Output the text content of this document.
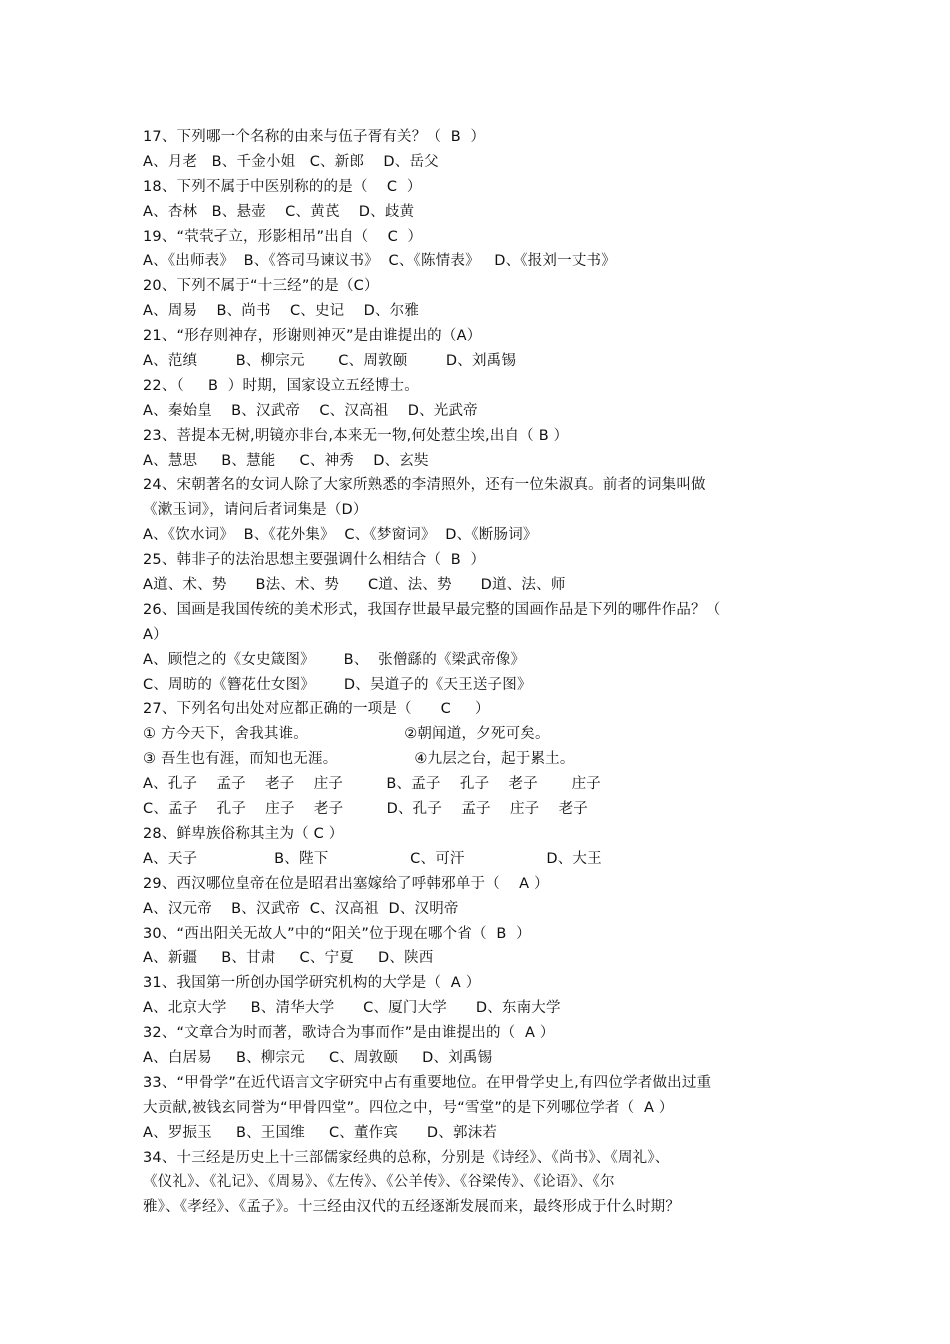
17、下列哪一个名称的由来与伍子胥有关？（  B  ）
A、月老   B、千金小姐   C、新郎    D、岳父
18、下列不属于中医别称的的是（    C  ）
A、杏林   B、悬壶    C、黄芪    D、歧黄
19、“茕茕孑立，形影相吊”出自（    C  ）
A、《出师表》  B、《答司马谏议书》  C、《陈情表》   D、《报刘一丈书》
20、下列不属于“十三经”的是（C）
A、周易    B、尚书    C、史记    D、尔雅
21、“形存则神存，形谢则神灭”是由谁提出的（A）
A、范缜        B、柳宗元       C、周敦颐        D、刘禹锡
22、（     B  ）时期，国家设立五经博士。
A、秦始皇    B、汉武帝    C、汉高祖    D、光武帝
23、菩提本无树,明镜亦非台,本来无一物,何处惹尘埃,出自（ B ）
A、慧思     B、慧能     C、神秀    D、玄奘
24、宋朝著名的女词人除了大家所熟悉的李清照外，还有一位朱淑真。前者的词集叫做
《漱玉词》，请问后者词集是（D）
A、《饮水词》  B、《花外集》  C、《梦窗词》  D、《断肠词》
25、韩非子的法治思想主要强调什么相结合（  B  ）
A道、术、势      B法、术、势      C道、法、势      D道、法、师
26、国画是我国传统的美术形式，我国存世最早最完整的国画作品是下列的哪件作品？（
A）
A、顾恺之的《女史箴图》      B、  张僧繇的《梁武帝像》
C、周昉的《簪花仕女图》      D、吴道子的《天王送子图》
27、下列名句出处对应都正确的一项是（      C     ）
① 方今天下，舍我其谁。                    ②朝闻道，夕死可矣。
③ 吾生也有涯，而知也无涯。                ④九层之台，起于累土。
A、孔子    孟子    老子    庄子         B、孟子    孔子    老子       庄子
C、孟子    孔子    庄子    老子         D、孔子    孟子    庄子    老子
28、鲜卑族俗称其主为（ C ）
A、天子                B、陛下                 C、可汗                 D、大王
29、西汉哪位皇帝在位是昭君出塞嫁给了呼韩邪单于（    A ）
A、汉元帝    B、汉武帝  C、汉高祖  D、汉明帝
30、“西出阳关无故人”中的“阳关”位于现在哪个省（  B  ）
A、新疆     B、甘肃     C、宁夏     D、陕西
31、我国第一所创办国学研究机构的大学是（  A ）
A、北京大学     B、清华大学      C、厦门大学      D、东南大学
32、“文章合为时而著，歌诗合为事而作”是由谁提出的（  A ）
A、白居易     B、柳宗元     C、周敦颐     D、刘禹锡
33、“甲骨学”在近代语言文字研究中占有重要地位。在甲骨学史上,有四位学者做出过重
大贡献,被钱玄同誉为“甲骨四堂”。四位之中，号“雪堂”的是下列哪位学者（  A ）
A、罗振玉     B、王国维     C、董作宾      D、郭沫若
34、十三经是历史上十三部儒家经典的总称，分别是《诗经》、《尚书》、《周礼》、
《仪礼》、《礼记》、《周易》、《左传》、《公羊传》、《谷梁传》、《论语》、《尔
雅》、《孝经》、《孟子》。十三经由汉代的五经逐渐发展而来，最终形成于什么时期？
